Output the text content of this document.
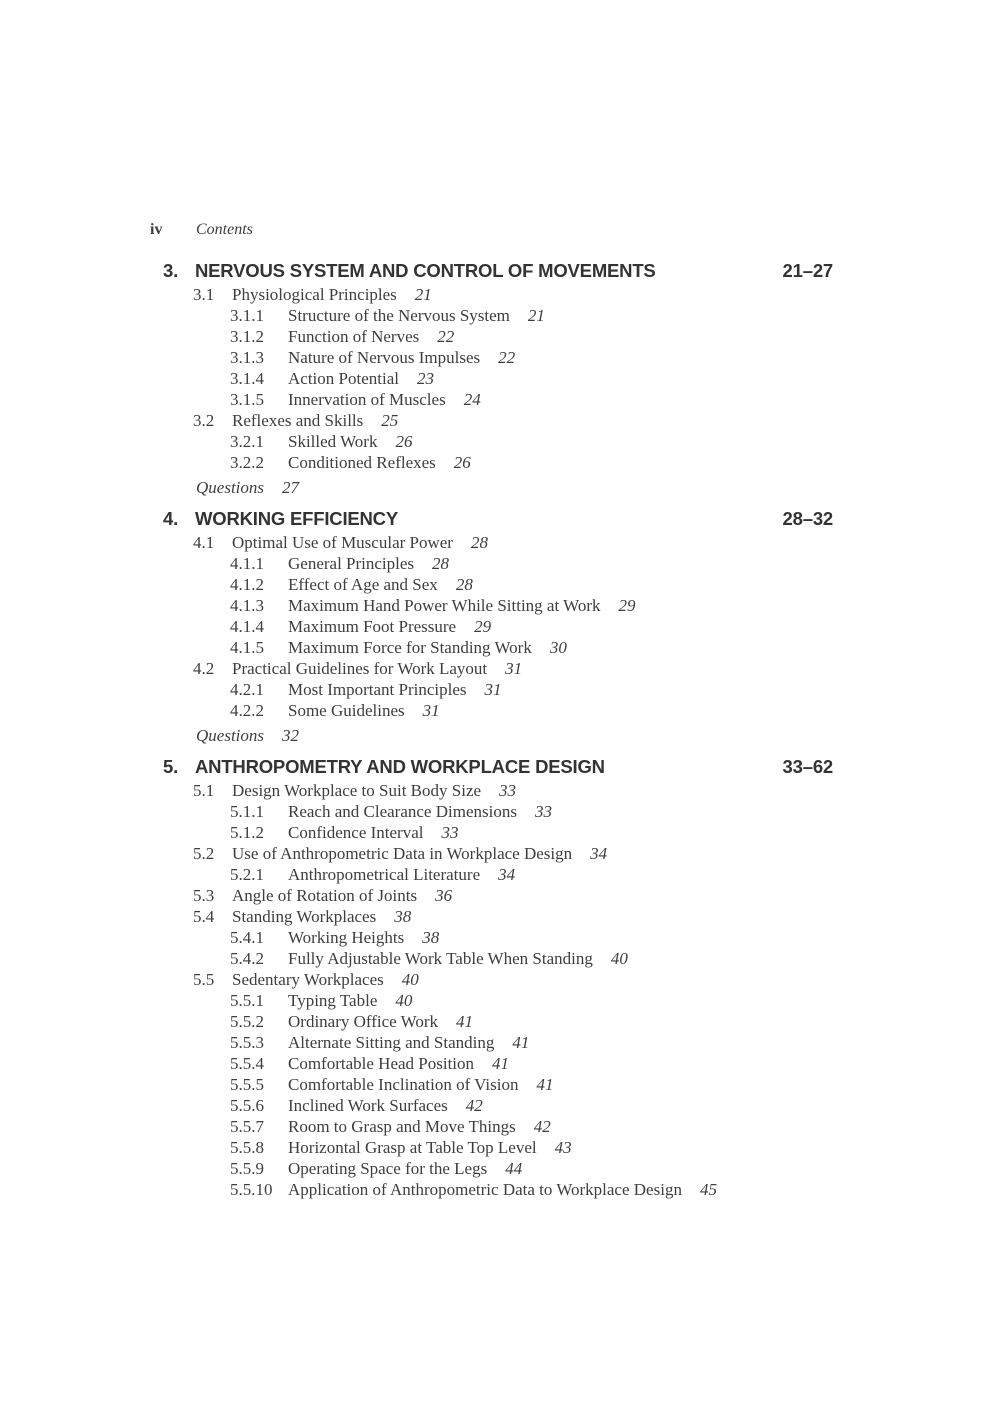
iv Contents
3. NERVOUS SYSTEM AND CONTROL OF MOVEMENTS	21–27
3.1 Physiological Principles 21
3.1.1 Structure of the Nervous System 21
3.1.2 Function of Nerves 22
3.1.3 Nature of Nervous Impulses 22
3.1.4 Action Potential 23
3.1.5 Innervation of Muscles 24
3.2 Reflexes and Skills 25
3.2.1 Skilled Work 26
3.2.2 Conditioned Reflexes 26
Questions 27
4. WORKING EFFICIENCY	28–32
4.1 Optimal Use of Muscular Power 28
4.1.1 General Principles 28
4.1.2 Effect of Age and Sex 28
4.1.3 Maximum Hand Power While Sitting at Work 29
4.1.4 Maximum Foot Pressure 29
4.1.5 Maximum Force for Standing Work 30
4.2 Practical Guidelines for Work Layout 31
4.2.1 Most Important Principles 31
4.2.2 Some Guidelines 31
Questions 32
5. ANTHROPOMETRY AND WORKPLACE DESIGN	33–62
5.1 Design Workplace to Suit Body Size 33
5.1.1 Reach and Clearance Dimensions 33
5.1.2 Confidence Interval 33
5.2 Use of Anthropometric Data in Workplace Design 34
5.2.1 Anthropometrical Literature 34
5.3 Angle of Rotation of Joints 36
5.4 Standing Workplaces 38
5.4.1 Working Heights 38
5.4.2 Fully Adjustable Work Table When Standing 40
5.5 Sedentary Workplaces 40
5.5.1 Typing Table 40
5.5.2 Ordinary Office Work 41
5.5.3 Alternate Sitting and Standing 41
5.5.4 Comfortable Head Position 41
5.5.5 Comfortable Inclination of Vision 41
5.5.6 Inclined Work Surfaces 42
5.5.7 Room to Grasp and Move Things 42
5.5.8 Horizontal Grasp at Table Top Level 43
5.5.9 Operating Space for the Legs 44
5.5.10 Application of Anthropometric Data to Workplace Design 45
